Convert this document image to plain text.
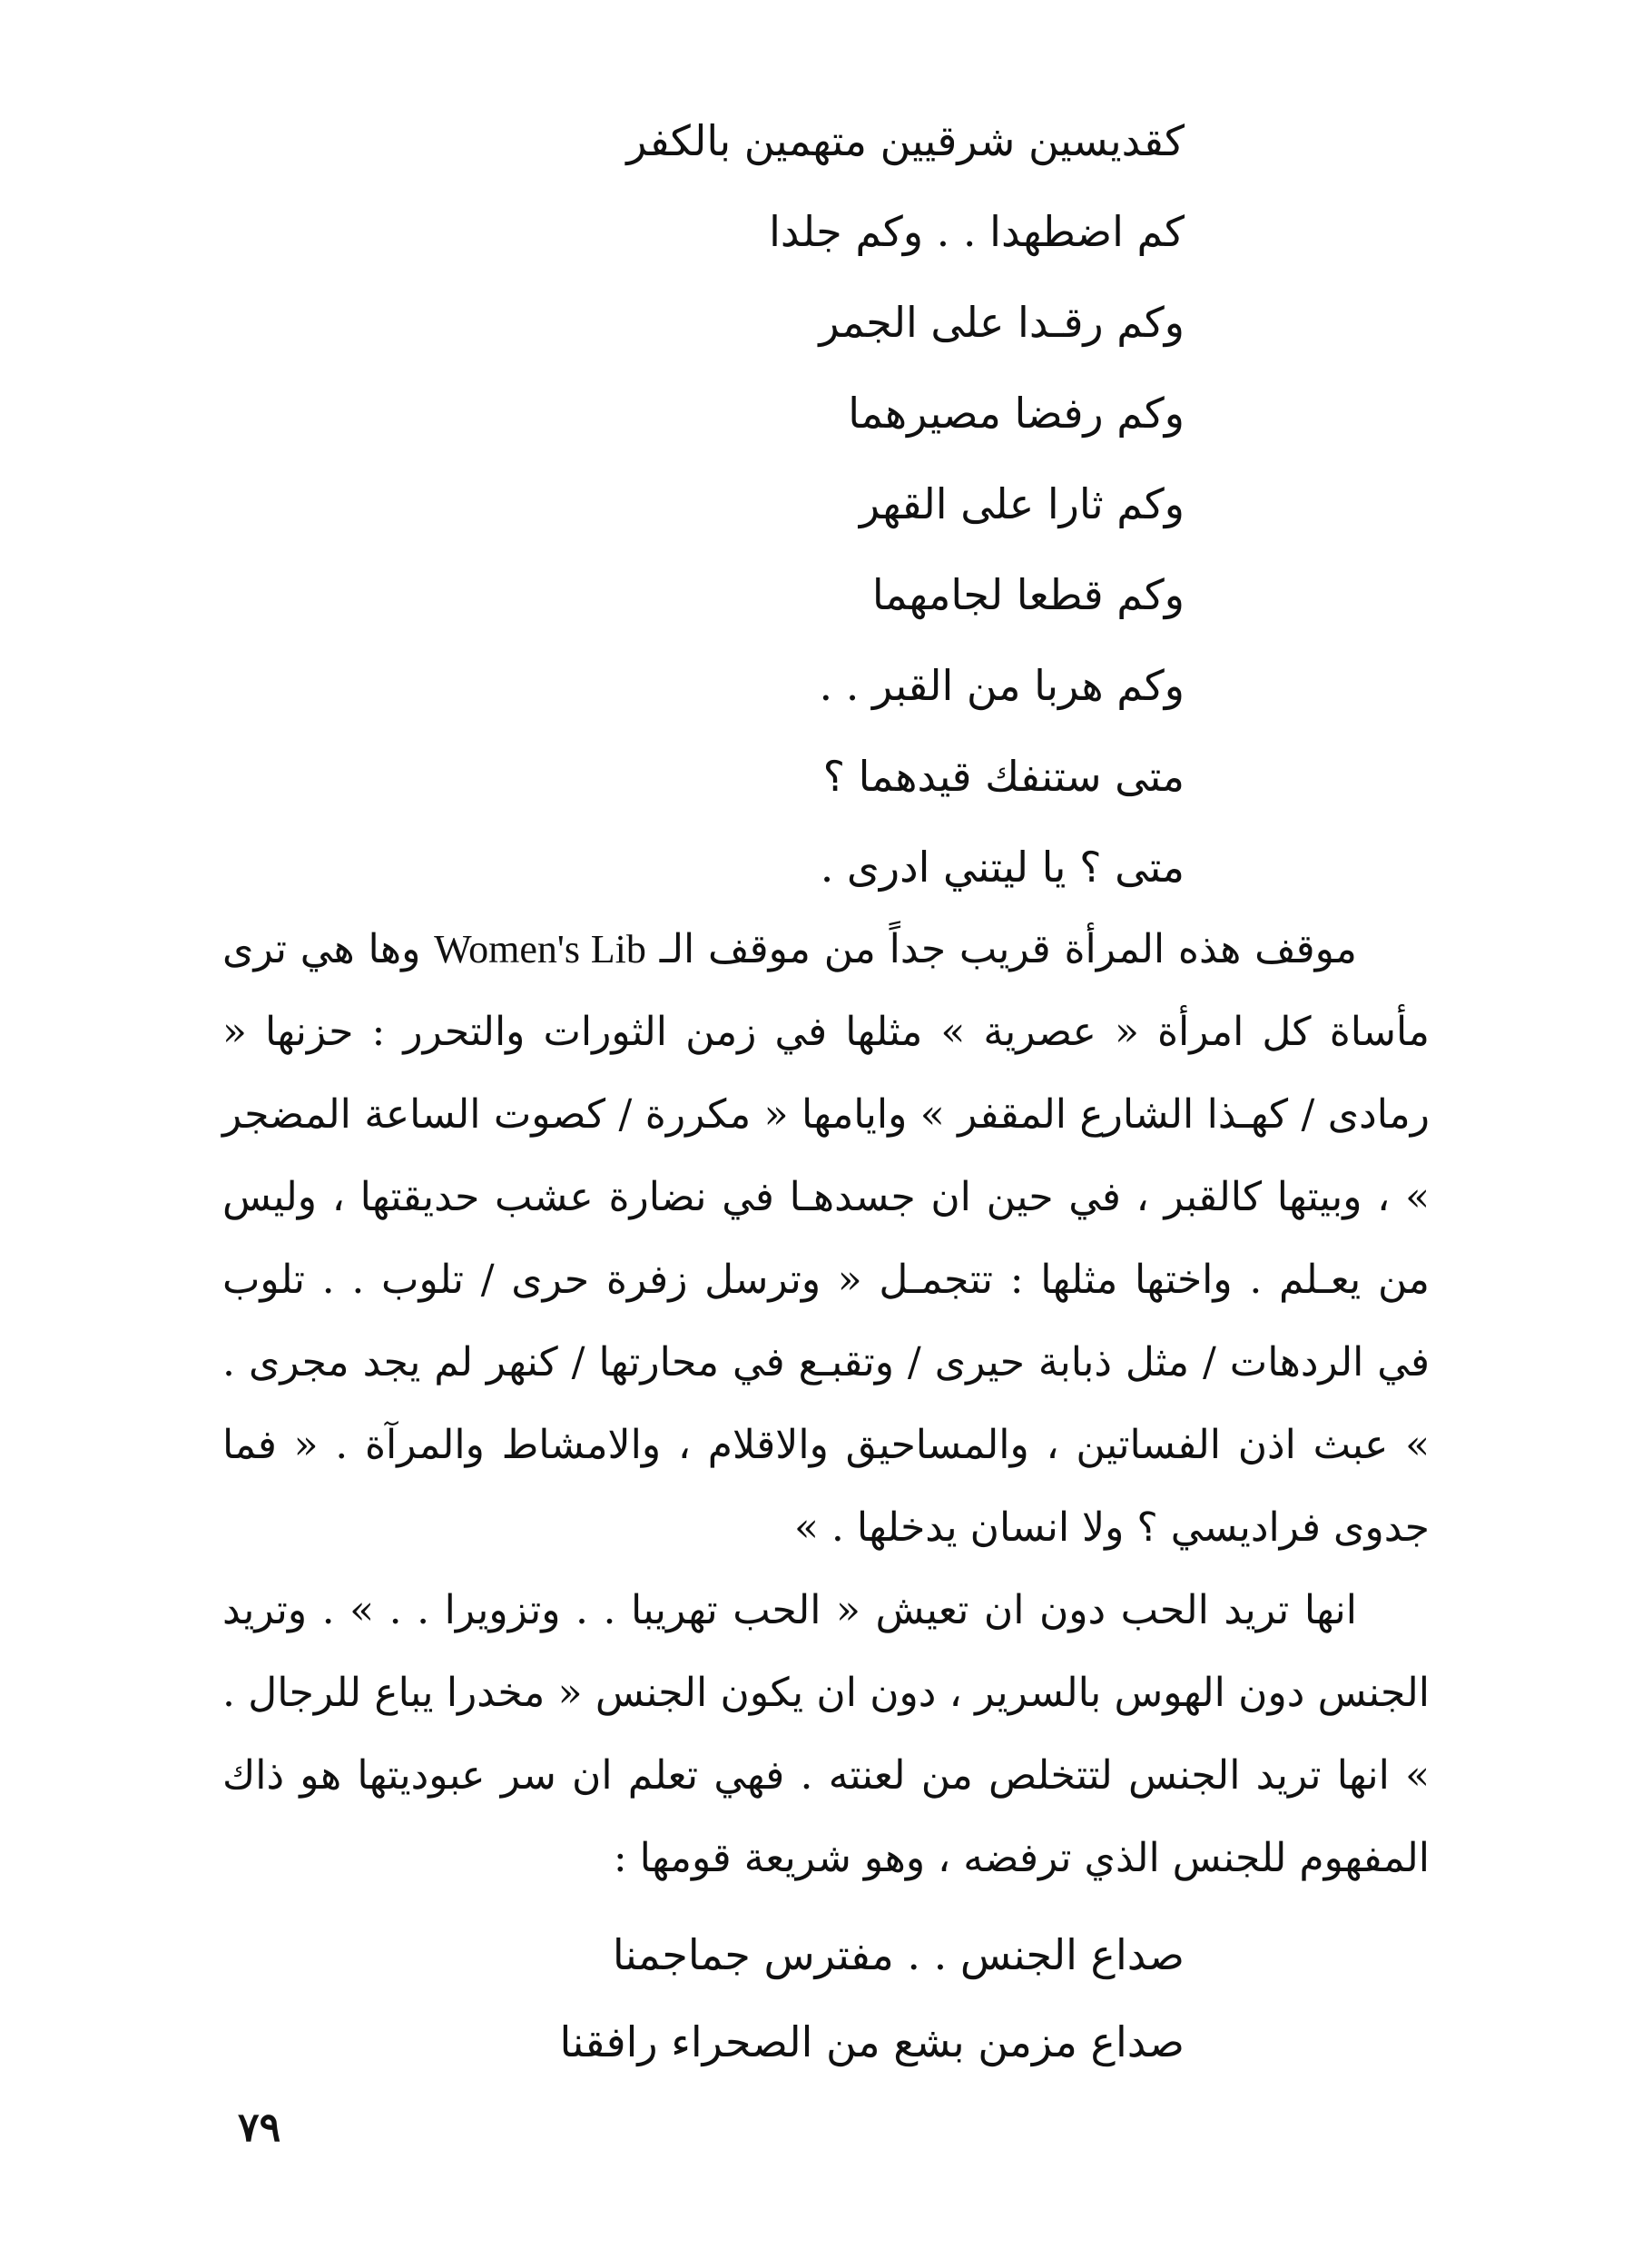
كقديسين شرقيين متهمين بالكفر
كم اضطهدا . . وكم جلدا
وكم رقـدا على الجمر
وكم رفضا مصيرهما
وكم ثارا على القهر
وكم قطعا لجامهما
وكم هربا من القبر . .
متى ستنفك قيدهما ؟
متى ؟ يا ليتني ادرى .

موقف هذه المرأة قريب جداً من موقف الـ Women's Lib وها هي ترى مأساة كل امرأة « عصرية » مثلها في زمن الثورات والتحرر : حزنها « رمادى / كهـذا الشارع المقفر » وايامها « مكررة / كصوت الساعة المضجر » ، وبيتها كالقبر ، في حين ان جسدهـا في نضارة عشب حديقتها ، وليس من يعـلم . واختها مثلها : تتجمـل « وترسل زفرة حرى / تلوب . . تلوب في الردهات / مثل ذبابة حيرى / وتقبـع في محارتها / كنهر لم يجد مجرى . » عبث اذن الفساتين ، والمساحيق والاقلام ، والامشاط والمرآة . « فما جدوى فراديسي ؟ ولا انسان يدخلها . »

انها تريد الحب دون ان تعيش « الحب تهريبا . . وتزويرا . . » . وتريد الجنس دون الهوس بالسرير ، دون ان يكون الجنس « مخدرا يباع للرجال . » انها تريد الجنس لتتخلص من لعنته . فهي تعلم ان سر عبوديتها هو ذاك المفهوم للجنس الذي ترفضه ، وهو شريعة قومها :

صداع الجنس . . مفترس جماجمنا
صداع مزمن بشع من الصحراء رافقنا
٧٩
